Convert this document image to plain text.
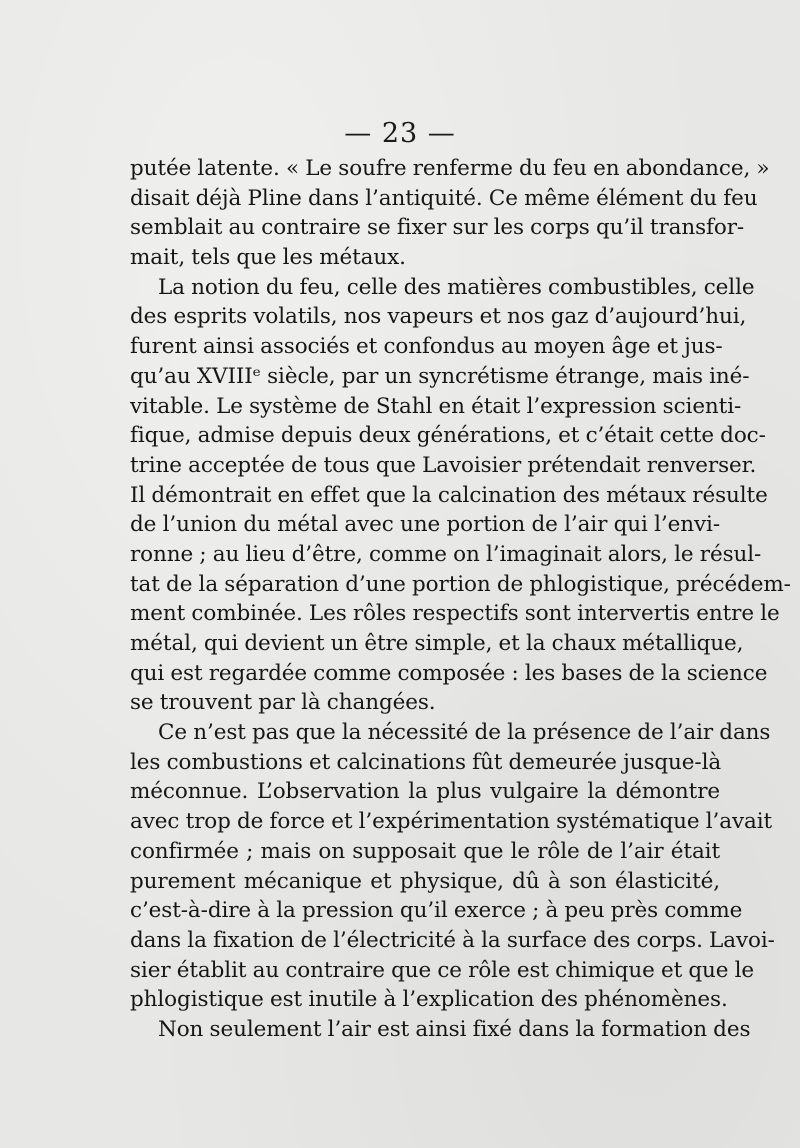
— 23 —

putée latente. « Le soufre renferme du feu en abondance, »
disait déjà Pline dans l’antiquité. Ce même élément du feu
semblait au contraire se fixer sur les corps qu’il transfor-
mait, tels que les métaux.
La notion du feu, celle des matières combustibles, celle
des esprits volatils, nos vapeurs et nos gaz d’aujourd’hui,
furent ainsi associés et confondus au moyen âge et jus-
qu’au XVIIIᵉ siècle, par un syncrétisme étrange, mais iné-
vitable. Le système de Stahl en était l’expression scienti-
fique, admise depuis deux générations, et c’était cette doc-
trine acceptée de tous que Lavoisier prétendait renverser.
Il démontrait en effet que la calcination des métaux résulte
de l’union du métal avec une portion de l’air qui l’envi-
ronne ; au lieu d’être, comme on l’imaginait alors, le résul-
tat de la séparation d’une portion de phlogistique, précédem-
ment combinée. Les rôles respectifs sont intervertis entre le
métal, qui devient un être simple, et la chaux métallique,
qui est regardée comme composée : les bases de la science
se trouvent par là changées.
Ce n’est pas que la nécessité de la présence de l’air dans
les combustions et calcinations fût demeurée jusque-là
méconnue. L’observation la plus vulgaire la démontre
avec trop de force et l’expérimentation systématique l’avait
confirmée ; mais on supposait que le rôle de l’air était
purement mécanique et physique, dû à son élasticité,
c’est-à-dire à la pression qu’il exerce ; à peu près comme
dans la fixation de l’électricité à la surface des corps. Lavoi-
sier établit au contraire que ce rôle est chimique et que le
phlogistique est inutile à l’explication des phénomènes.
Non seulement l’air est ainsi fixé dans la formation des
